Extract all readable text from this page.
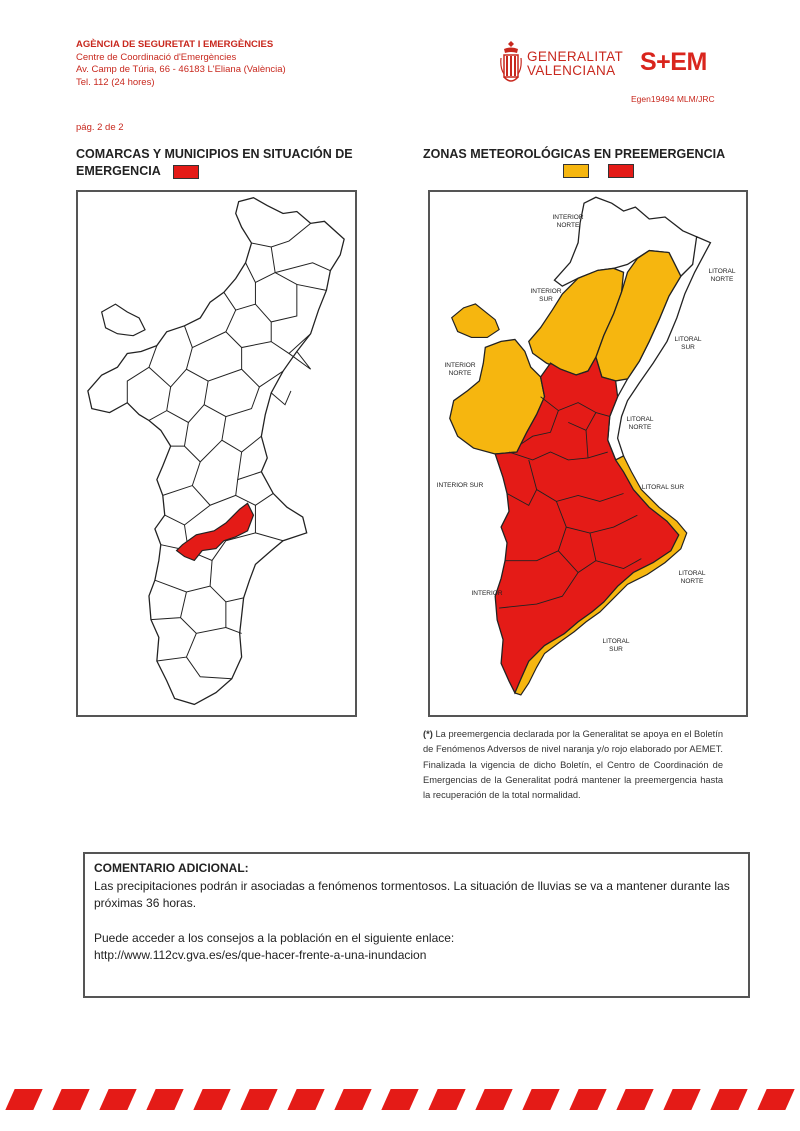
AGÈNCIA DE SEGURETAT I EMERGÈNCIES
Centre de Coordinació d'Emergències
Av. Camp de Túria, 66 - 46183 L'Eliana (València)
Tel. 112 (24 hores)
GENERALITAT
VALENCIANA S+EM
Egen19494 MLM/JRC
pág. 2 de 2
COMARCAS Y MUNICIPIOS EN SITUACIÓN DE EMERGENCIA
ZONAS METEOROLÓGICAS EN PREEMERGENCIA
INTERIOR NORTE
LITORAL NORTE
INTERIOR SUR
LITORAL SUR
INTERIOR NORTE
LITORAL NORTE
INTERIOR SUR	LITORAL SUR
LITORAL NORTE
INTERIOR
LITORAL SUR
(*) La preemergencia declarada por la Generalitat se apoya en el Boletín de Fenómenos Adversos de nivel naranja y/o rojo elaborado por AEMET. Finalizada la vigencia de dicho Boletín, el Centro de Coordinación de Emergencias de la Generalitat podrá mantener la preemergencia hasta la recuperación de la total normalidad.
COMENTARIO ADICIONAL:
Las precipitaciones podrán ir asociadas a fenómenos tormentosos. La situación de lluvias se va a mantener durante las próximas 36 horas.
Puede acceder a los consejos a la población en el siguiente enlace:
http://www.112cv.gva.es/es/que-hacer-frente-a-una-inundacion
